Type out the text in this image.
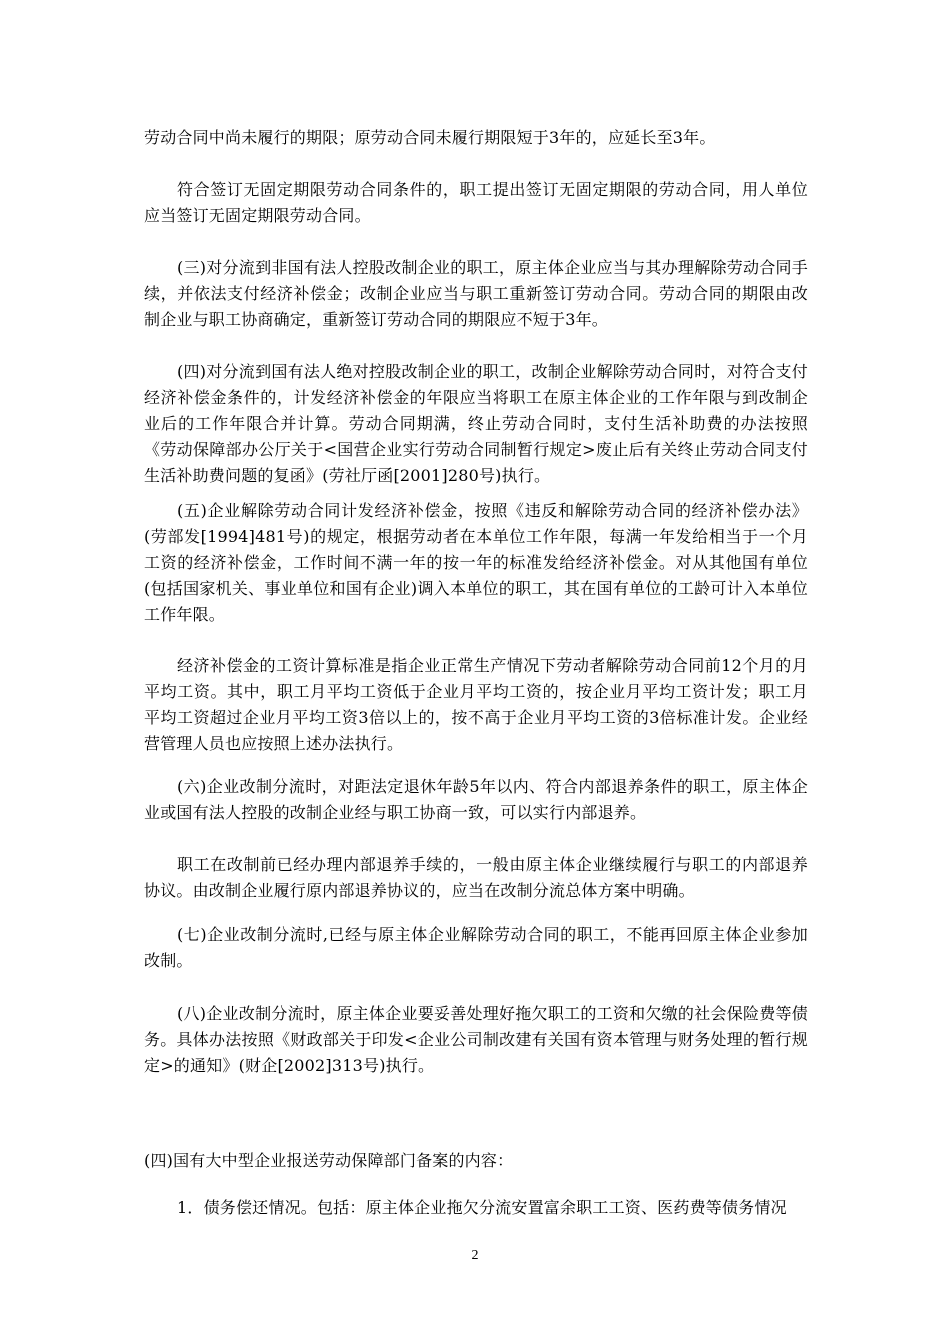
劳动合同中尚未履行的期限；原劳动合同未履行期限短于3年的，应延长至3年。

符合签订无固定期限劳动合同条件的，职工提出签订无固定期限的劳动合同，用人单位应当签订无固定期限劳动合同。

(三)对分流到非国有法人控股改制企业的职工，原主体企业应当与其办理解除劳动合同手续，并依法支付经济补偿金；改制企业应当与职工重新签订劳动合同。劳动合同的期限由改制企业与职工协商确定，重新签订劳动合同的期限应不短于3年。

(四)对分流到国有法人绝对控股改制企业的职工，改制企业解除劳动合同时，对符合支付经济补偿金条件的，计发经济补偿金的年限应当将职工在原主体企业的工作年限与到改制企业后的工作年限合并计算。劳动合同期满，终止劳动合同时，支付生活补助费的办法按照《劳动保障部办公厅关于<国营企业实行劳动合同制暂行规定>废止后有关终止劳动合同支付生活补助费问题的复函》(劳社厅函[2001]280号)执行。

(五)企业解除劳动合同计发经济补偿金，按照《违反和解除劳动合同的经济补偿办法》(劳部发[1994]481号)的规定，根据劳动者在本单位工作年限，每满一年发给相当于一个月工资的经济补偿金，工作时间不满一年的按一年的标准发给经济补偿金。对从其他国有单位(包括国家机关、事业单位和国有企业)调入本单位的职工，其在国有单位的工龄可计入本单位工作年限。

经济补偿金的工资计算标准是指企业正常生产情况下劳动者解除劳动合同前12个月的月平均工资。其中，职工月平均工资低于企业月平均工资的，按企业月平均工资计发；职工月平均工资超过企业月平均工资3倍以上的，按不高于企业月平均工资的3倍标准计发。企业经营管理人员也应按照上述办法执行。

(六)企业改制分流时，对距法定退休年龄5年以内、符合内部退养条件的职工，原主体企业或国有法人控股的改制企业经与职工协商一致，可以实行内部退养。

职工在改制前已经办理内部退养手续的，一般由原主体企业继续履行与职工的内部退养协议。由改制企业履行原内部退养协议的，应当在改制分流总体方案中明确。

(七)企业改制分流时,已经与原主体企业解除劳动合同的职工，不能再回原主体企业参加改制。

(八)企业改制分流时，原主体企业要妥善处理好拖欠职工的工资和欠缴的社会保险费等债务。具体办法按照《财政部关于印发<企业公司制改建有关国有资本管理与财务处理的暂行规定>的通知》(财企[2002]313号)执行。

(四)国有大中型企业报送劳动保障部门备案的内容：

1．债务偿还情况。包括：原主体企业拖欠分流安置富余职工工资、医药费等债务情况

2
